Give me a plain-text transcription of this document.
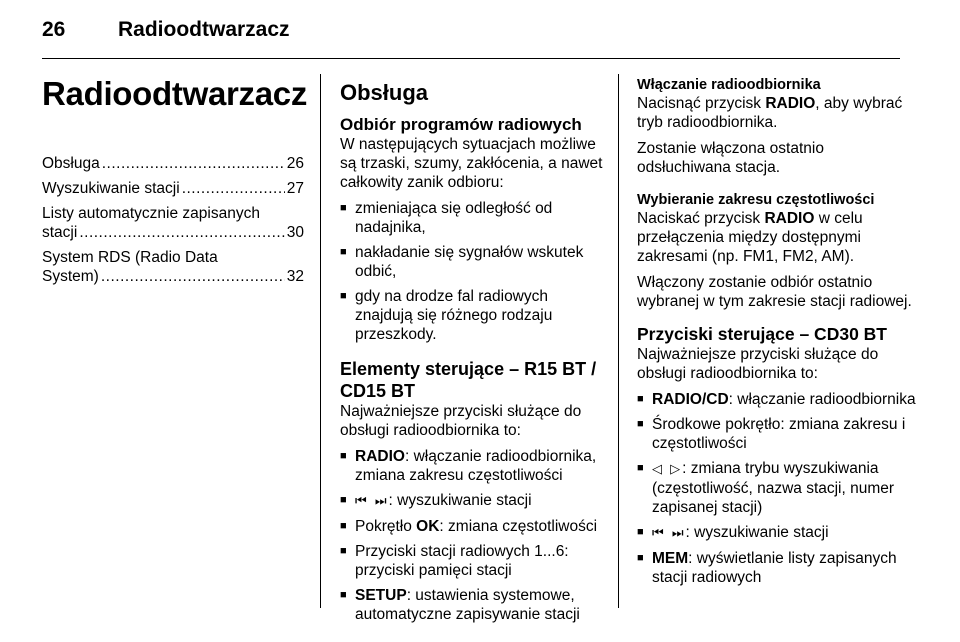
26	Radioodtwarzacz
Radioodtwarzacz
Obsługa .....	26
Wyszukiwanie stacji .....	27
Listy automatycznie zapisanych
stacji .....	30
System RDS (Radio Data
System) .....	32
Obsługa
Odbiór programów radiowych

W następujących sytuacjach możliwe są trzaski, szumy, zakłócenia, a nawet całkowity zanik odbioru:

■ zmieniająca się odległość od nadajnika,
■ nakładanie się sygnałów wskutek odbić,
■ gdy na drodze fal radiowych znajdują się różnego rodzaju przeszkody.
Elementy sterujące – R15 BT / CD15 BT

Najważniejsze przyciski służące do obsługi radioodbiornika to:

■ RADIO: włączanie radioodbiornika, zmiana zakresu częstotliwości
■ ⏮ ⏭: wyszukiwanie stacji
■ Pokrętło OK: zmiana częstotliwości
■ Przyciski stacji radiowych 1...6: przyciski pamięci stacji
■ SETUP: ustawienia systemowe, automatyczne zapisywanie stacji
Włączanie radioodbiornika

Nacisnąć przycisk RADIO, aby wybrać tryb radioodbiornika.

Zostanie włączona ostatnio odsłuchiwana stacja.

Wybieranie zakresu częstotliwości

Naciskać przycisk RADIO w celu przełączenia między dostępnymi zakresami (np. FM1, FM2, AM).

Włączony zostanie odbiór ostatnio wybranej w tym zakresie stacji radiowej.

Przyciski sterujące – CD30 BT

Najważniejsze przyciski służące do obsługi radioodbiornika to:

■ RADIO/CD: włączanie radioodbiornika
■ Środkowe pokrętło: zmiana zakresu i częstotliwości
■ ◁ ▷: zmiana trybu wyszukiwania (częstotliwość, nazwa stacji, numer zapisanej stacji)
■ ⏮ ⏭: wyszukiwanie stacji
■ MEM: wyświetlanie listy zapisanych stacji radiowych
